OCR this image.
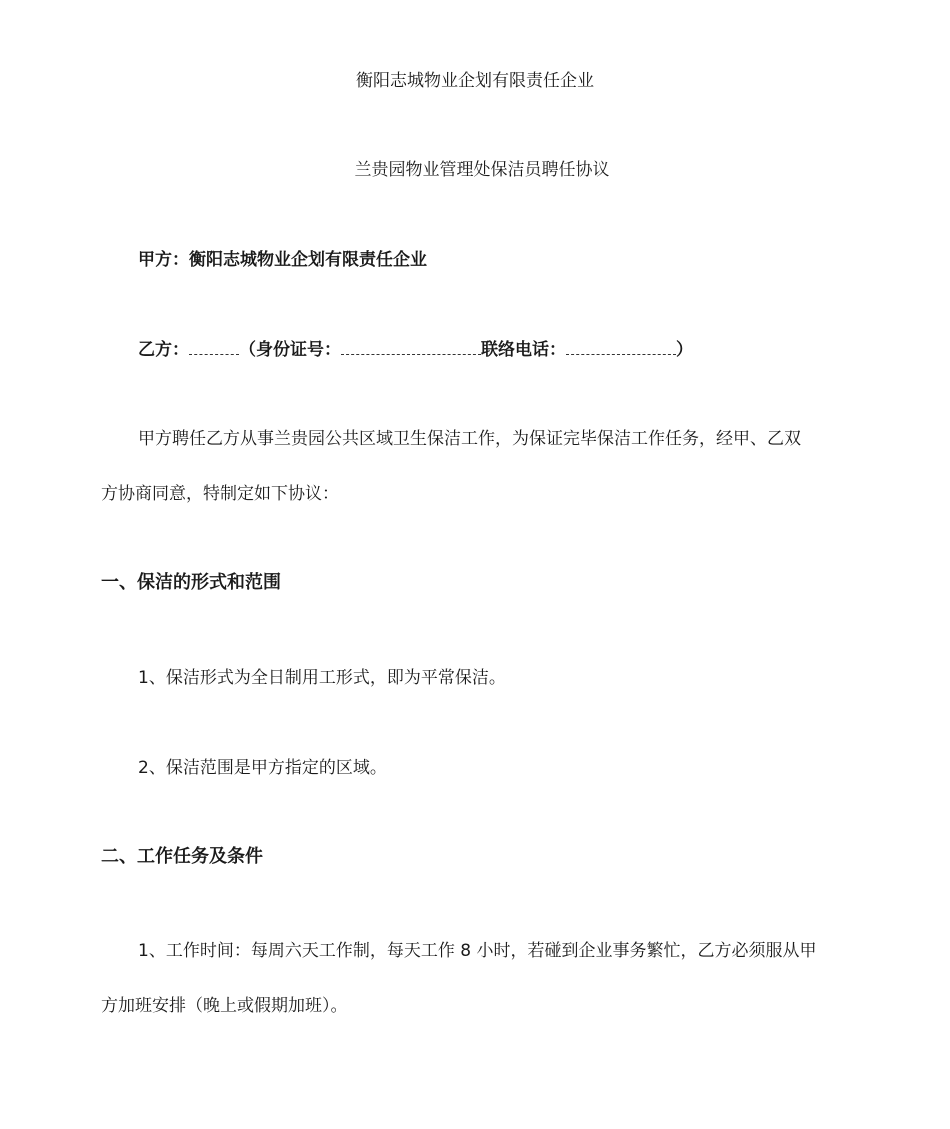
衡阳志城物业企划有限责任企业
兰贵园物业管理处保洁员聘任协议
甲方：衡阳志城物业企划有限责任企业
乙方：	（身份证号：	联络电话：	）
甲方聘任乙方从事兰贵园公共区域卫生保洁工作，为保证完毕保洁工作任务，经甲、乙双
方协商同意，特制定如下协议：
一、保洁的形式和范围
1、保洁形式为全日制用工形式，即为平常保洁。
2、保洁范围是甲方指定的区域。
二、工作任务及条件
1、工作时间：每周六天工作制，每天工作 8 小时，若碰到企业事务繁忙，乙方必须服从甲
方加班安排（晚上或假期加班）。
